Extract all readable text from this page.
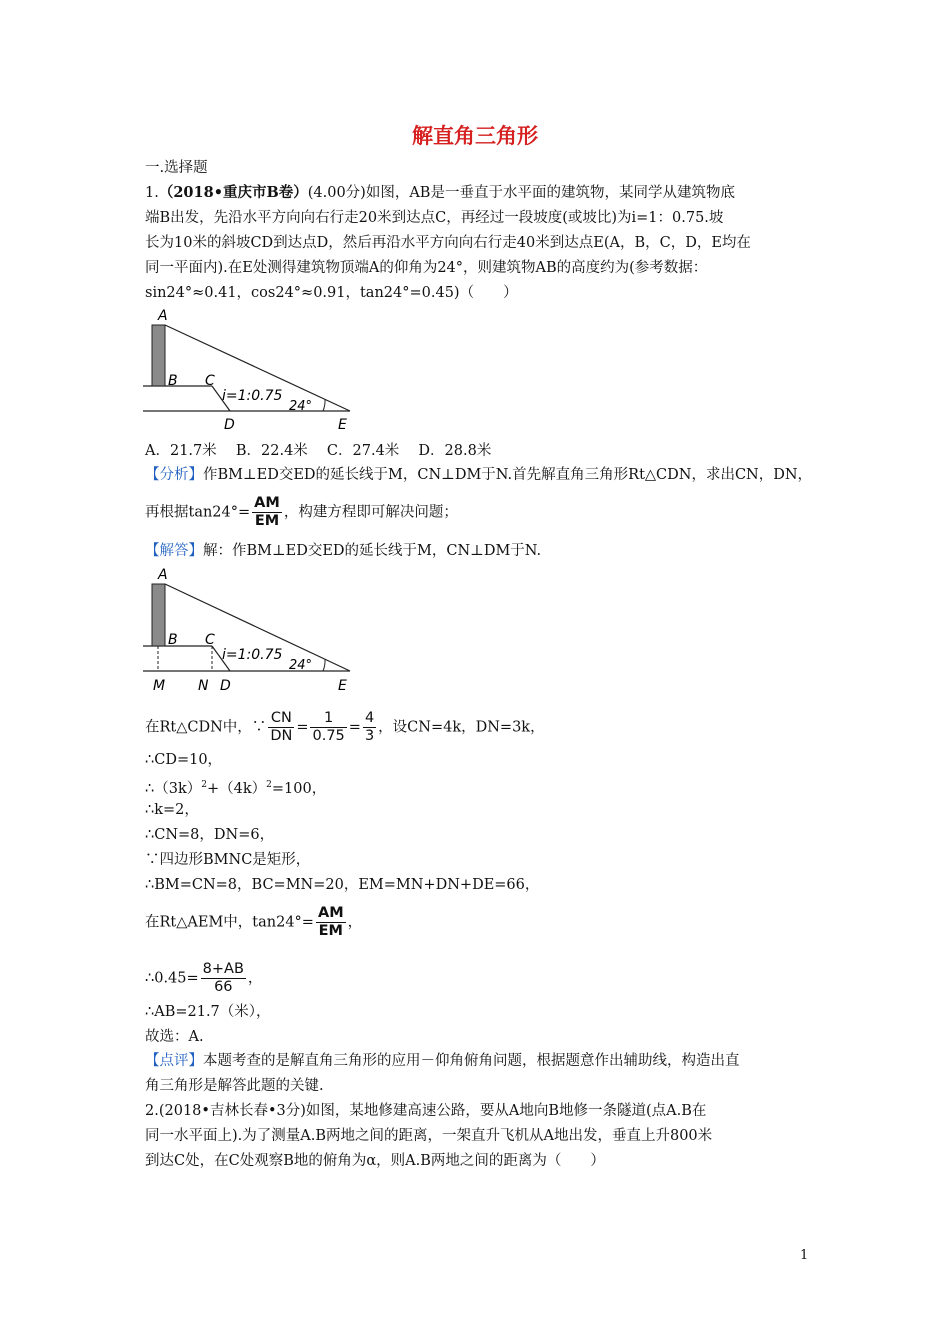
解直角三角形
一.选择题
1.（2018•重庆市B卷）(4.00分)如图，AB是一垂直于水平面的建筑物，某同学从建筑物底
端B出发，先沿水平方向向右行走20米到达点C，再经过一段坡度(或坡比)为i=1：0.75.坡
长为10米的斜坡CD到达点D，然后再沿水平方向向右行走40米到达点E(A，B，C，D，E均在
同一平面内).在E处测得建筑物顶端A的仰角为24°，则建筑物AB的高度约为(参考数据：
sin24°≈0.41，cos24°≈0.91，tan24°=0.45)（　　）
A
B C
i=1:0.75
24°
D	E
A．21.7米　 B．22.4米　 C．27.4米　 D．28.8米
【分析】作BM⊥ED交ED的延长线于M，CN⊥DM于N.首先解直角三角形Rt△CDN，求出CN，DN，
再根据$\tan 24^\circ= \frac{AM}{EM}$ ，构建方程即可解决问题；
【解答】解：作BM⊥ED交ED的延长线于M，CN⊥DM于N.
A
B C
i=1:0.75
24°
M N D	E
在Rt△CDN中，∵ $\frac{CN}{DN} = \frac{1}{0.75} = \frac{4}{3}$ ，设CN=4k，DN=3k，
∴CD=10，
$\therefore(3k)^2+(4k)^2=100$，
∴k=2，
∴CN=8，DN=6，
∵四边形BMNC是矩形，
∴BM=CN=8，BC=MN=20，EM=MN+DN+DE=66，
在Rt△AEM中，$\tan 24^\circ= \frac{AM}{EM}$ ，
∴0.45= $\frac{8+AB}{66}$ ，
∴AB=21.7（米），
故选：A.
【点评】本题考查的是解直角三角形的应用－仰角俯角问题，根据题意作出辅助线，构造出直
角三角形是解答此题的关键.
2.(2018•吉林长春•3分)如图，某地修建高速公路，要从A地向B地修一条隧道(点A.B在
同一水平面上).为了测量A.B两地之间的距离，一架直升飞机从A地出发，垂直上升800米
到达C处，在C处观察B地的俯角为α，则A.B两地之间的距离为（　　）
1
